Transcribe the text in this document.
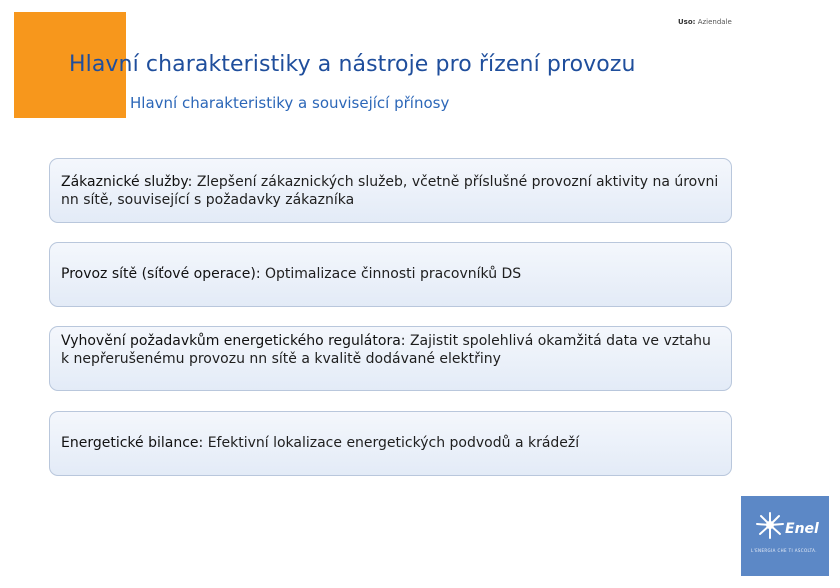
Uso: Aziendale
Hlavní charakteristiky a nástroje pro řízení provozu
Hlavní charakteristiky a související přínosy
Zákaznické služby: Zlepšení zákaznických služeb, včetně příslušné provozní aktivity na úrovni nn sítě, související s požadavky zákazníka
Provoz sítě (síťové operace): Optimalizace činnosti pracovníků DS
Vyhovění požadavkům energetického regulátora: Zajistit spolehlivá okamžitá data ve vztahu k nepřerušenému provozu nn sítě a kvalitě dodávané elektřiny
Energetické bilance: Efektivní lokalizace energetických podvodů a krádeží
Enel
L'ENERGIA CHE TI ASCOLTA.
